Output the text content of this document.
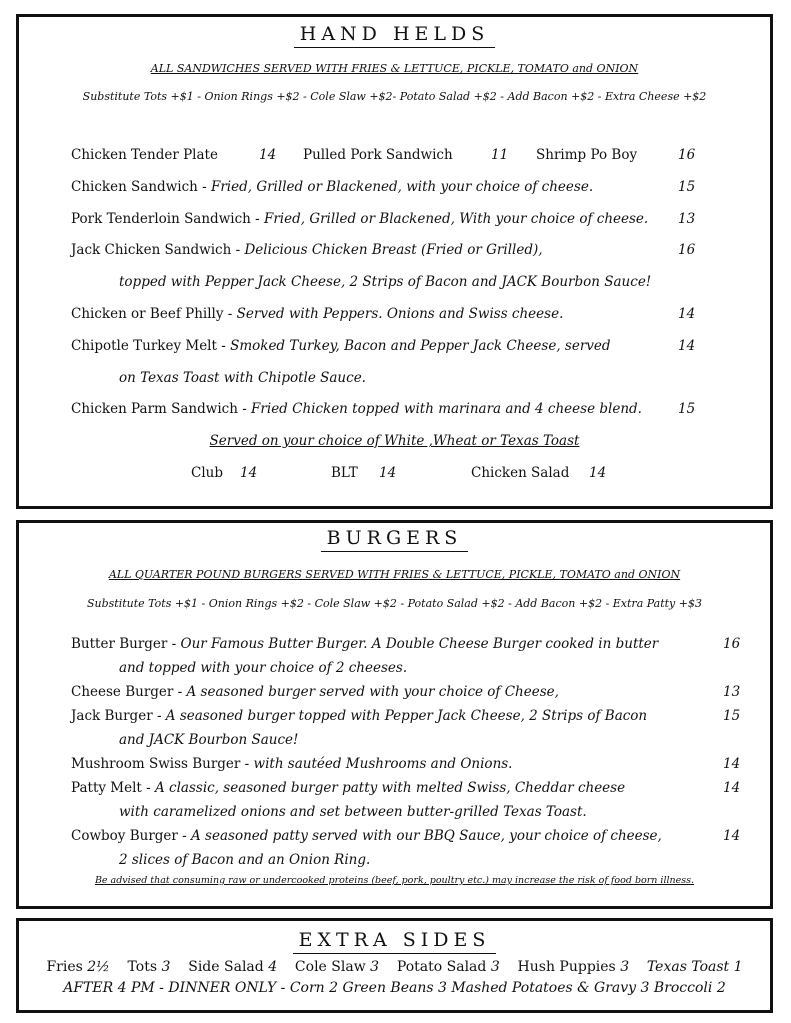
HAND HELDS
ALL SANDWICHES SERVED WITH FRIES & LETTUCE, PICKLE, TOMATO and ONION
Substitute Tots +$1 - Onion Rings +$2 - Cole Slaw +$2- Potato Salad +$2 - Add Bacon +$2 - Extra Cheese +$2
Chicken Tender Plate	14 Pulled Pork Sandwich	11 Shrimp Po Boy	16
Chicken Sandwich - Fried, Grilled or Blackened, with your choice of cheese.	15
Pork Tenderloin Sandwich - Fried, Grilled or Blackened, With your choice of cheese. 13
Jack Chicken Sandwich - Delicious Chicken Breast (Fried or Grilled),	16
topped with Pepper Jack Cheese, 2 Strips of Bacon and JACK Bourbon Sauce!
Chicken or Beef Philly - Served with Peppers. Onions and Swiss cheese.	14
Chipotle Turkey Melt - Smoked Turkey, Bacon and Pepper Jack Cheese, served	14
on Texas Toast with Chipotle Sauce.
Chicken Parm Sandwich - Fried Chicken topped with marinara and 4 cheese blend.	15
Served on your choice of White ,Wheat or Texas Toast
Club 14	BLT 14	Chicken Salad 14
BURGERS
ALL QUARTER POUND BURGERS SERVED WITH FRIES & LETTUCE, PICKLE, TOMATO and ONION
Substitute Tots +$1 - Onion Rings +$2 - Cole Slaw +$2 - Potato Salad +$2 - Add Bacon +$2 - Extra Patty +$3
Butter Burger - Our Famous Butter Burger. A Double Cheese Burger cooked in butter	16
and topped with your choice of 2 cheeses.
Cheese Burger - A seasoned burger served with your choice of Cheese,	13
Jack Burger - A seasoned burger topped with Pepper Jack Cheese, 2 Strips of Bacon	15
and JACK Bourbon Sauce!
Mushroom Swiss Burger - with sautéed Mushrooms and Onions.	14
Patty Melt - A classic, seasoned burger patty with melted Swiss, Cheddar cheese	14
with caramelized onions and set between butter-grilled Texas Toast.
Cowboy Burger - A seasoned patty served with our BBQ Sauce, your choice of cheese,	14
2 slices of Bacon and an Onion Ring.
Be advised that consuming raw or undercooked proteins (beef, pork, poultry etc.) may increase the risk of food born illness.
EXTRA SIDES
Fries 2½ Tots 3 Side Salad 4 Cole Slaw 3 Potato Salad 3 Hush Puppies 3 Texas Toast 1
AFTER 4 PM - DINNER ONLY - Corn 2 Green Beans 3 Mashed Potatoes & Gravy 3 Broccoli 2
